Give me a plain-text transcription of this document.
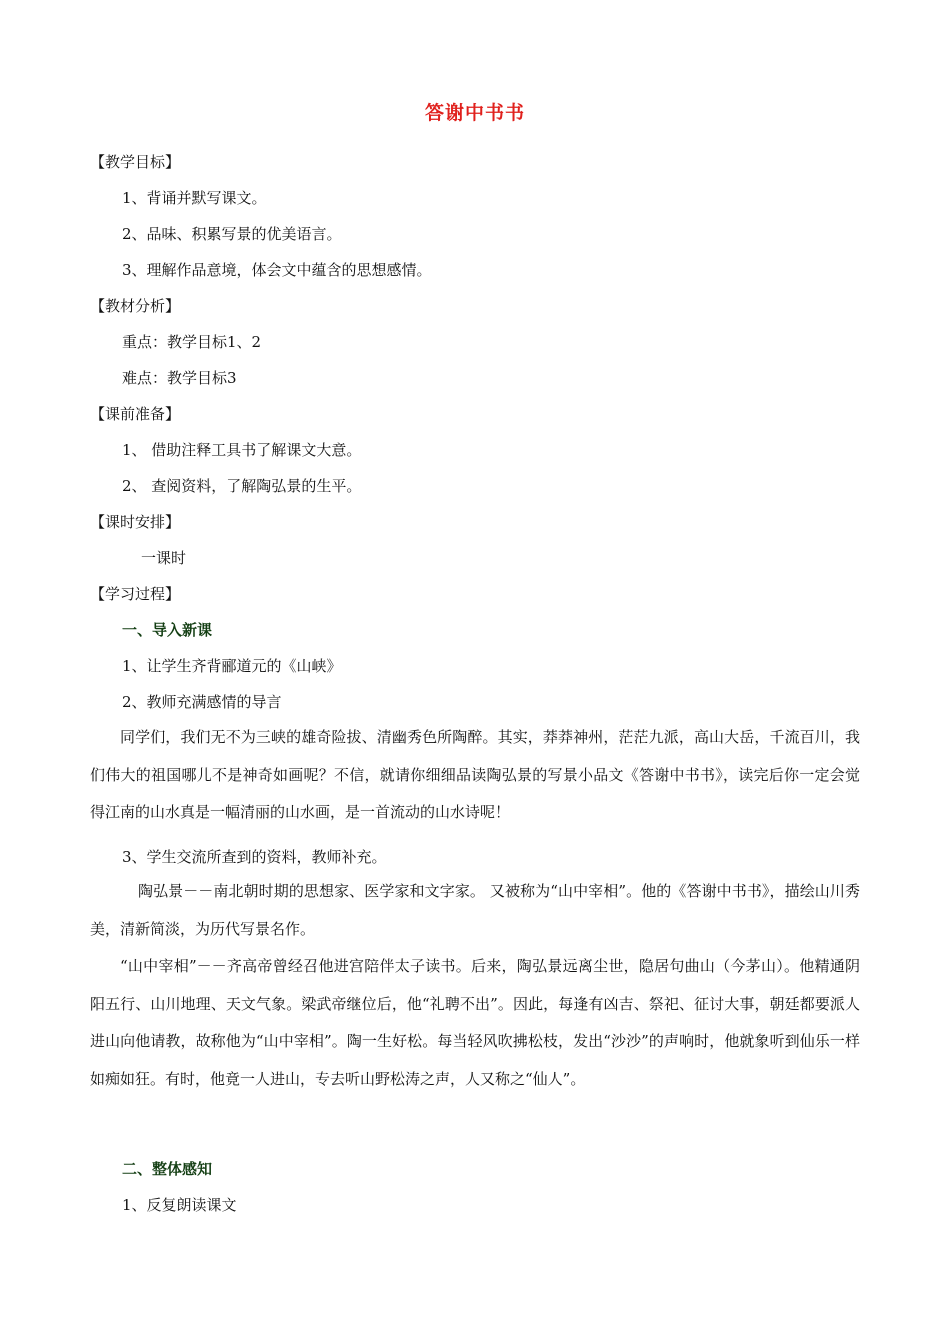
答谢中书书
【教学目标】
1、背诵并默写课文。
2、品味、积累写景的优美语言。
3、理解作品意境，体会文中蕴含的思想感情。
【教材分析】
重点：教学目标1、2
难点：教学目标3
【课前准备】
1、 借助注释工具书了解课文大意。
2、 查阅资料，了解陶弘景的生平。
【课时安排】
一课时
【学习过程】
一、导入新课
1、让学生齐背郦道元的《山峡》
2、教师充满感情的导言
同学们，我们无不为三峡的雄奇险拔、清幽秀色所陶醉。其实，莽莽神州，茫茫九派，高山大岳，千流百川，我们伟大的祖国哪儿不是神奇如画呢？不信，就请你细细品读陶弘景的写景小品文《答谢中书书》，读完后你一定会觉得江南的山水真是一幅清丽的山水画，是一首流动的山水诗呢！
3、学生交流所查到的资料，教师补充。
陶弘景－－南北朝时期的思想家、医学家和文字家。 又被称为“山中宰相”。他的《答谢中书书》，描绘山川秀美，清新简淡，为历代写景名作。
“山中宰相”－－齐高帝曾经召他进宫陪伴太子读书。后来，陶弘景远离尘世，隐居句曲山（今茅山）。他精通阴阳五行、山川地理、天文气象。梁武帝继位后，他“礼聘不出”。因此，每逢有凶吉、祭祀、征讨大事，朝廷都要派人进山向他请教，故称他为“山中宰相”。陶一生好松。每当轻风吹拂松枝，发出“沙沙”的声响时，他就象听到仙乐一样如痴如狂。有时，他竟一人进山，专去听山野松涛之声，人又称之“仙人”。
二、整体感知
1、反复朗读课文
